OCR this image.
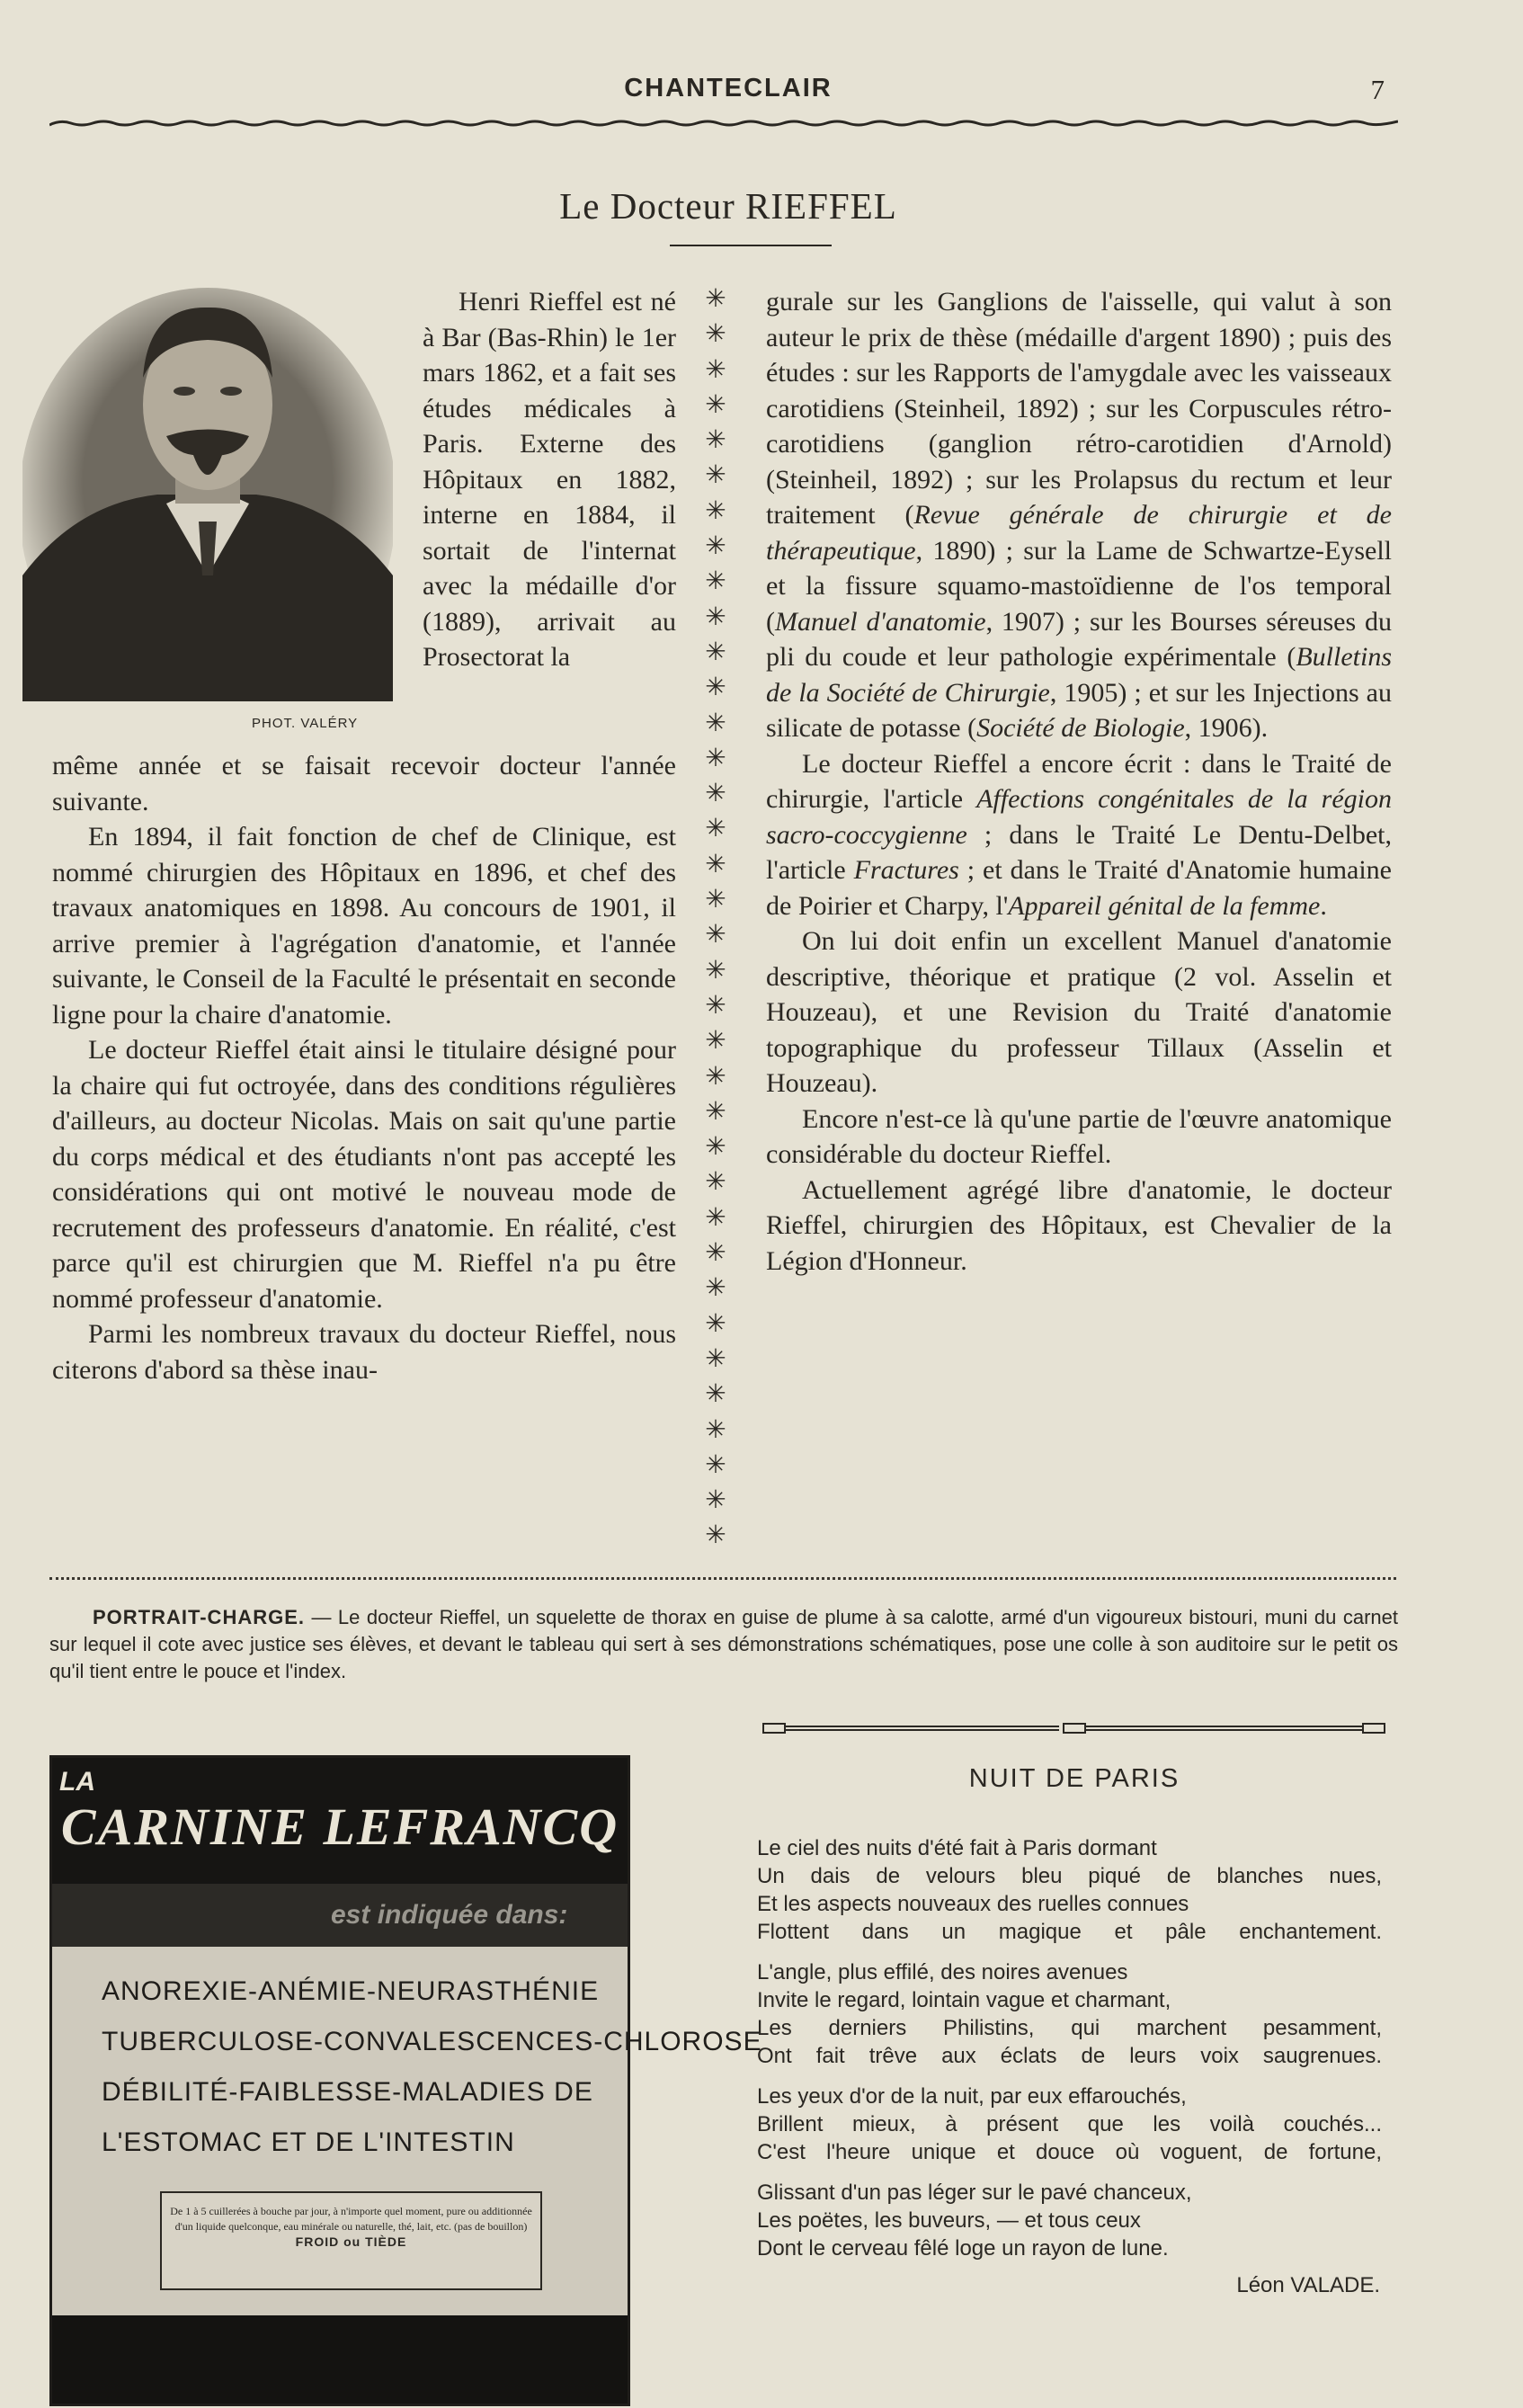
CHANTECLAIR	7
Le Docteur RIEFFEL
PHOT. VALÉRY

Henri Rieffel est né à Bar (Bas-Rhin) le 1er mars 1862, et a fait ses études médicales à Paris. Externe des Hôpitaux en 1882, interne en 1884, il sortait de l'internat avec la médaille d'or (1889), arrivait au Prosectorat la

même année et se faisait recevoir docteur l'année suivante.

En 1894, il fait fonction de chef de Clinique, est nommé chirurgien des Hôpitaux en 1896, et chef des travaux anatomiques en 1898. Au concours de 1901, il arrive premier à l'agrégation d'anatomie, et l'année suivante, le Conseil de la Faculté le présentait en seconde ligne pour la chaire d'anatomie.

Le docteur Rieffel était ainsi le titulaire désigné pour la chaire qui fut octroyée, dans des conditions régulières d'ailleurs, au docteur Nicolas. Mais on sait qu'une partie du corps médical et des étudiants n'ont pas accepté les considérations qui ont motivé le nouveau mode de recrutement des professeurs d'anatomie. En réalité, c'est parce qu'il est chirurgien que M. Rieffel n'a pu être nommé professeur d'anatomie.

Parmi les nombreux travaux du docteur Rieffel, nous citerons d'abord sa thèse inau-

✳
✳
✳
✳
✳
✳
✳
✳
✳
✳
✳
✳
✳
✳
✳
✳
✳
✳
✳
✳
✳
✳
✳
✳
✳
✳
✳
✳
✳
✳
✳
✳
✳
✳
✳
✳

gurale sur les Ganglions de l'aisselle, qui valut à son auteur le prix de thèse (médaille d'argent 1890) ; puis des études : sur les Rapports de l'amygdale avec les vaisseaux carotidiens (Steinheil, 1892) ; sur les Corpuscules rétro-carotidiens (ganglion rétro-carotidien d'Arnold) (Steinheil, 1892) ; sur les Prolapsus du rectum et leur traitement (Revue générale de chirurgie et de thérapeutique, 1890) ; sur la Lame de Schwartze-Eysell et la fissure squamo-mastoïdienne de l'os temporal (Manuel d'anatomie, 1907) ; sur les Bourses séreuses du pli du coude et leur pathologie expérimentale (Bulletins de la Société de Chirurgie, 1905) ; et sur les Injections au silicate de potasse (Société de Biologie, 1906).

Le docteur Rieffel a encore écrit : dans le Traité de chirurgie, l'article Affections congénitales de la région sacro-coccygienne ; dans le Traité Le Dentu-Delbet, l'article Fractures ; et dans le Traité d'Anatomie humaine de Poirier et Charpy, l'Appareil génital de la femme.

On lui doit enfin un excellent Manuel d'anatomie descriptive, théorique et pratique (2 vol. Asselin et Houzeau), et une Revision du Traité d'anatomie topographique du professeur Tillaux (Asselin et Houzeau).

Encore n'est-ce là qu'une partie de l'œuvre anatomique considérable du docteur Rieffel.

Actuellement agrégé libre d'anatomie, le docteur Rieffel, chirurgien des Hôpitaux, est Chevalier de la Légion d'Honneur.

PORTRAIT-CHARGE. — Le docteur Rieffel, un squelette de thorax en guise de plume à sa calotte, armé d'un vigoureux bistouri, muni du carnet sur lequel il cote avec justice ses élèves, et devant le tableau qui sert à ses démonstrations schématiques, pose une colle à son auditoire sur le petit os qu'il tient entre le pouce et l'index.
LA
CARNINE LEFRANCQ
est indiquée dans:
ANOREXIE-ANÉMIE-NEURASTHÉNIE
TUBERCULOSE-CONVALESCENCES-CHLOROSE
DÉBILITÉ-FAIBLESSE-MALADIES DE
L'ESTOMAC ET DE L'INTESTIN
De 1 à 5 cuillerées à bouche par jour, à n'importe quel moment, pure ou additionnée d'un liquide quelconque, eau minérale ou naturelle, thé, lait, etc. (pas de bouillon)
FROID ou TIÈDE
NUIT DE PARIS
Le ciel des nuits d'été fait à Paris dormant
Un dais de velours bleu piqué de blanches nues,
Et les aspects nouveaux des ruelles connues
Flottent dans un magique et pâle enchantement.
L'angle, plus effilé, des noires avenues
Invite le regard, lointain vague et charmant,
Les derniers Philistins, qui marchent pesamment,
Ont fait trêve aux éclats de leurs voix saugrenues.
Les yeux d'or de la nuit, par eux effarouchés,
Brillent mieux, à présent que les voilà couchés...
C'est l'heure unique et douce où voguent, de fortune,
Glissant d'un pas léger sur le pavé chanceux,
Les poëtes, les buveurs, — et tous ceux
Dont le cerveau fêlé loge un rayon de lune.
Léon VALADE.
